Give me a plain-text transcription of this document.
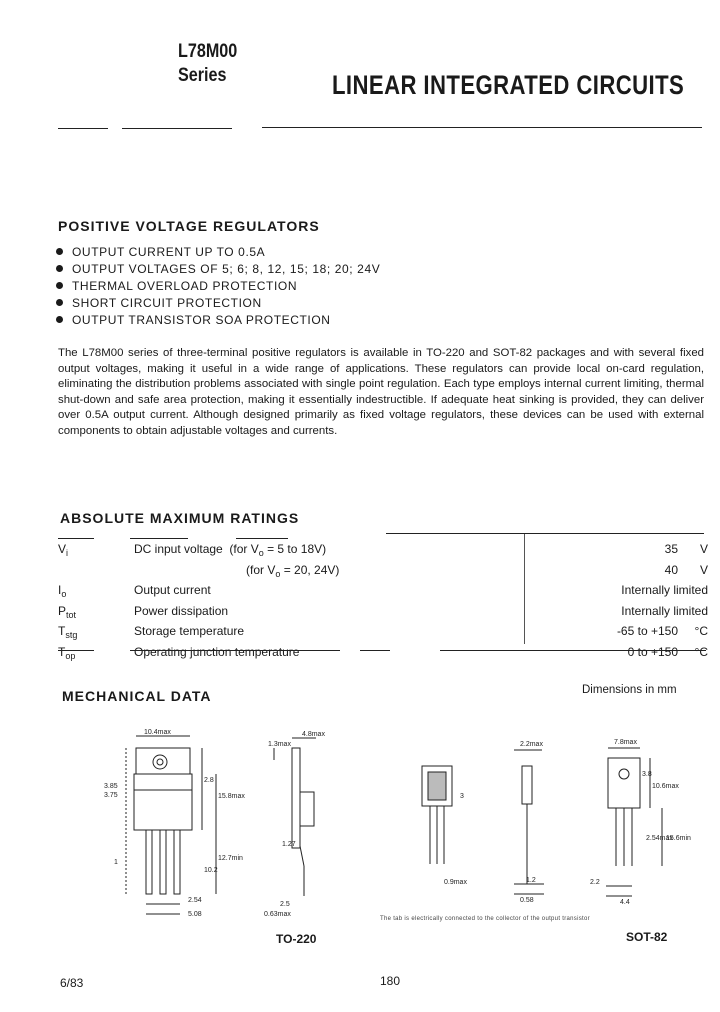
L78M00
Series	LINEAR INTEGRATED CIRCUITS
POSITIVE VOLTAGE REGULATORS
OUTPUT CURRENT UP TO 0.5A
OUTPUT VOLTAGES OF 5; 6; 8, 12, 15; 18; 20; 24V
THERMAL OVERLOAD PROTECTION
SHORT CIRCUIT PROTECTION
OUTPUT TRANSISTOR SOA PROTECTION
The L78M00 series of three-terminal positive regulators is available in TO-220 and SOT-82 packages and with several fixed output voltages, making it useful in a wide range of applications. These regulators can provide local on-card regulation, eliminating the distribution problems associated with single point regulation. Each type employs internal current limiting, thermal shut-down and safe area protection, making it essentially indestructible. If adequate heat sinking is provided, they can deliver over 0.5A output current. Although designed primarily as fixed voltage regulators, these devices can be used with external components to obtain adjustable voltages and currents.
ABSOLUTE MAXIMUM RATINGS
$V_i$	DC input voltage (for $V_o = 5$ to 18V)	35	V
	(for $V_o = 20$, 24V)	40	V
$I_o$	Output current	Internally limited	
$P_{tot}$	Power dissipation	Internally limited	
$T_{stg}$	Storage temperature	-65 to +150	°C
$T_{op}$	Operating junction temperature	0 to +150	°C
MECHANICAL DATA	Dimensions in mm
10.4max
2.8
3.85
3.75	15.8max
1.3max
4.8max
1.27
10.2
12.7min
2.54
5.08
2.5
0.63max
1
TO-220
2.2max	7.8max
3.8
10.6max
2.54max
15.6min
2.2
4.4
1.2
0.58
0.9max
3
The tab is electrically connected to the collector of the output transistor
SOT-82
6/83	180
